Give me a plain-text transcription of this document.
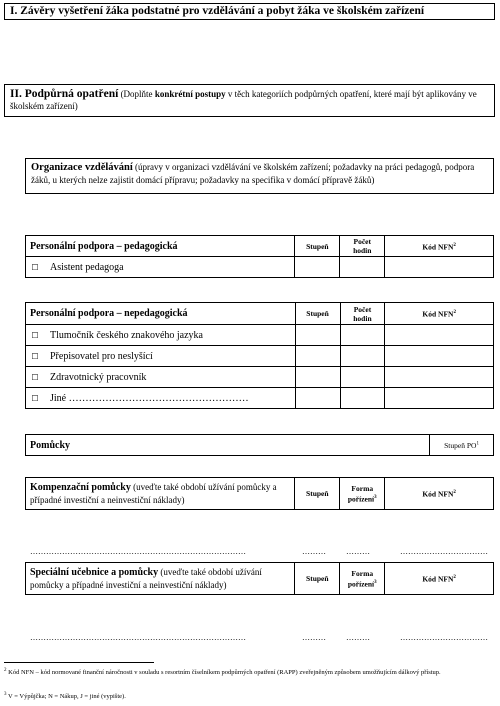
I. Závěry vyšetření žáka podstatné pro vzdělávání a pobyt žáka ve školském zařízení
II. Podpůrná opatření (Doplňte konkrétní postupy v těch kategoriích podpůrných opatření, které mají být aplikovány ve školském zařízení)
Organizace vzdělávání (úpravy v organizaci vzdělávání ve školském zařízení; požadavky na práci pedagogů, podpora žáků, u kterých nelze zajistit domácí přípravu; požadavky na specifika v domácí přípravě žáků)
Personální podpora – pedagogická	Stupeň	Počet hodin	Kód NFN$^2$
☐ Asistent pedagoga			
Personální podpora – nepedagogická	Stupeň	Počet hodin	Kód NFN$^2$
☐ Tlumočník českého znakového jazyka			
☐ Přepisovatel pro neslyšící			
☐ Zdravotnický pracovník			
☐ Jiné ………………………………………………			
Pomůcky	Stupeň $PO^1$
Kompenzační pomůcky (uveďte také období užívání pomůcky a případné investiční a neinvestiční náklady)	Stupeň	Forma pořízení$^3$	Kód NFN$^2$
………………………………………………………………………	………	………	……………………………
Speciální učebnice a pomůcky (uveďte také období užívání pomůcky a případné investiční a neinvestiční náklady)	Stupeň	Forma pořízení$^3$	Kód NFN$^2$
………………………………………………………………………	………	………	……………………………
$^2$ Kód NFN – kód normované finanční náročnosti v souladu s resortním číselníkem podpůrných opatření (RAPP) zveřejněným způsobem umožňujícím dálkový přístup.
$^3$ V = Výpůjčka; N = Nákup, J = jiné (vypište).
